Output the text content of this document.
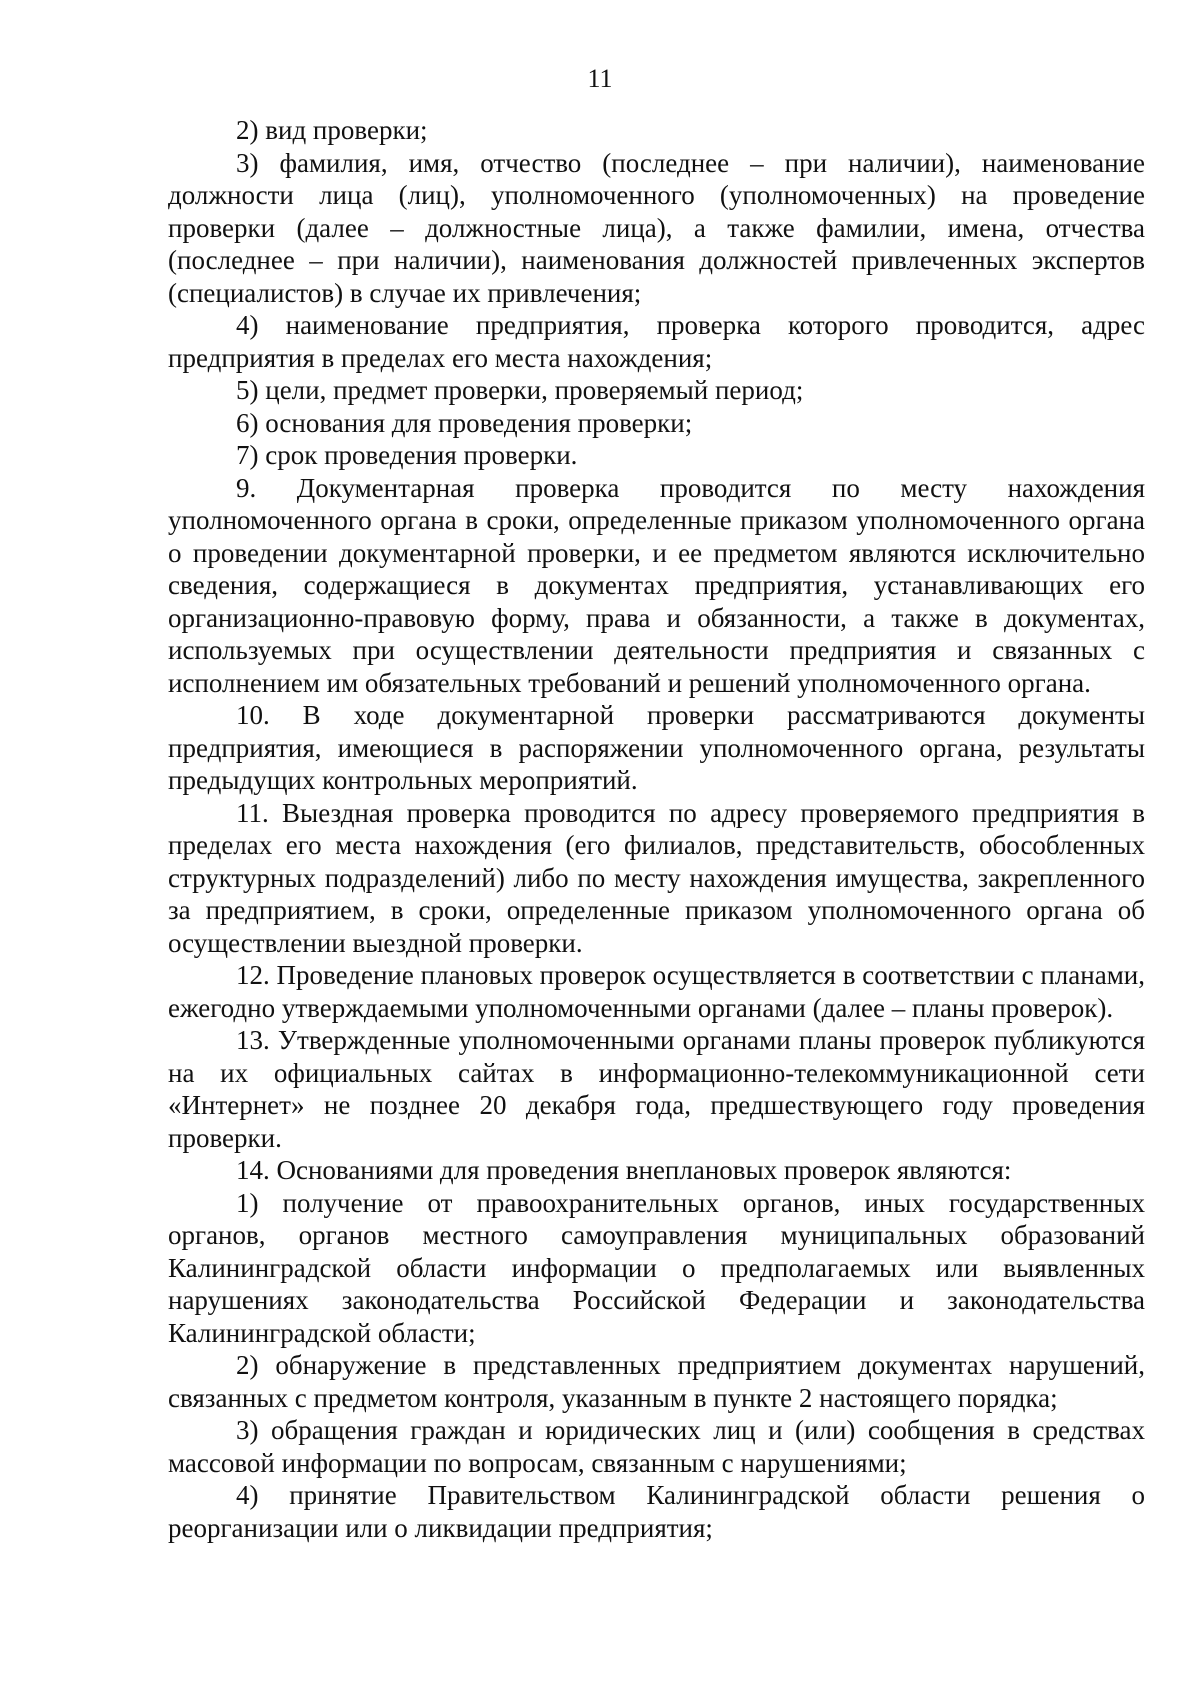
11

2) вид проверки;

3) фамилия, имя, отчество (последнее – при наличии), наименование должности лица (лиц), уполномоченного (уполномоченных) на проведение проверки (далее – должностные лица), а также фамилии, имена, отчества (последнее – при наличии), наименования должностей привлеченных экспертов (специалистов) в случае их привлечения;

4) наименование предприятия, проверка которого проводится, адрес предприятия в пределах его места нахождения;

5) цели, предмет проверки, проверяемый период;

6) основания для проведения проверки;

7) срок проведения проверки.

9. Документарная проверка проводится по месту нахождения уполномоченного органа в сроки, определенные приказом уполномоченного органа о проведении документарной проверки, и ее предметом являются исключительно сведения, содержащиеся в документах предприятия, устанавливающих его организационно-правовую форму, права и обязанности, а также в документах, используемых при осуществлении деятельности предприятия и связанных с исполнением им обязательных требований и решений уполномоченного органа.

10. В ходе документарной проверки рассматриваются документы предприятия, имеющиеся в распоряжении уполномоченного органа, результаты предыдущих контрольных мероприятий.

11. Выездная проверка проводится по адресу проверяемого предприятия в пределах его места нахождения (его филиалов, представительств, обособленных структурных подразделений) либо по месту нахождения имущества, закрепленного за предприятием, в сроки, определенные приказом уполномоченного органа об осуществлении выездной проверки.

12. Проведение плановых проверок осуществляется в соответствии с планами, ежегодно утверждаемыми уполномоченными органами (далее – планы проверок).

13. Утвержденные уполномоченными органами планы проверок публикуются на их официальных сайтах в информационно-телекоммуникационной сети «Интернет» не позднее 20 декабря года, предшествующего году проведения проверки.

14. Основаниями для проведения внеплановых проверок являются:

1) получение от правоохранительных органов, иных государственных органов, органов местного самоуправления муниципальных образований Калининградской области информации о предполагаемых или выявленных нарушениях законодательства Российской Федерации и законодательства Калининградской области;

2) обнаружение в представленных предприятием документах нарушений, связанных с предметом контроля, указанным в пункте 2 настоящего порядка;

3) обращения граждан и юридических лиц и (или) сообщения в средствах массовой информации по вопросам, связанным с нарушениями;

4) принятие Правительством Калининградской области решения о реорганизации или о ликвидации предприятия;
